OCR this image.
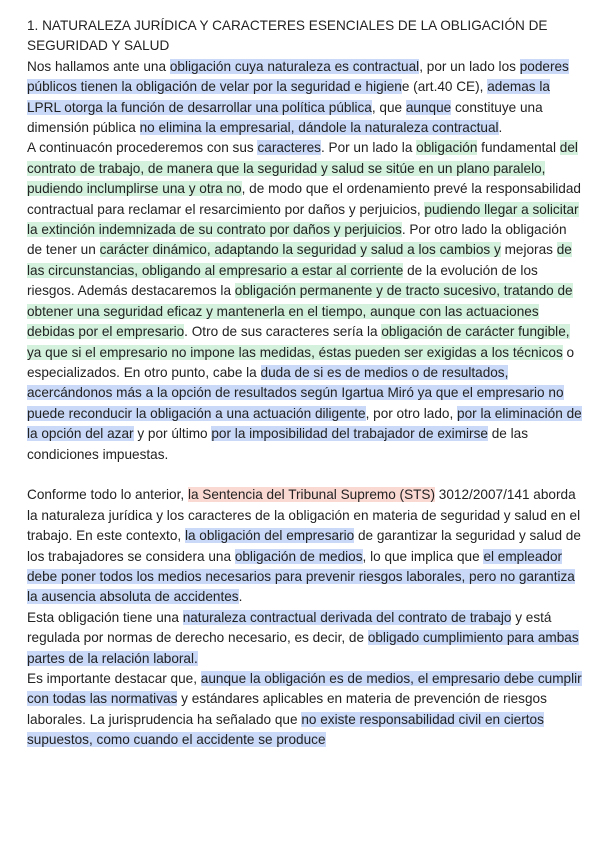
1. NATURALEZA JURÍDICA Y CARACTERES ESENCIALES DE LA OBLIGACIÓN DE SEGURIDAD Y SALUD

Nos hallamos ante una obligación cuya naturaleza es contractual, por un lado los poderes públicos tienen la obligación de velar por la seguridad e higiene (art.40 CE), ademas la LPRL otorga la función de desarrollar una política pública, que aunque constituye una dimensión pública no elimina la empresarial, dándole la naturaleza contractual.

A continuacón procederemos con sus caracteres. Por un lado la obligación fundamental del contrato de trabajo, de manera que la seguridad y salud se sitúe en un plano paralelo, pudiendo inclumplirse una y otra no, de modo que el ordenamiento prevé la responsabilidad contractual para reclamar el resarcimiento por daños y perjuicios, pudiendo llegar a solicitar la extinción indemnizada de su contrato por daños y perjuicios. Por otro lado la obligación de tener un carácter dinámico, adaptando la seguridad y salud a los cambios y mejoras de las circunstancias, obligando al empresario a estar al corriente de la evolución de los riesgos. Además destacaremos la obligación permanente y de tracto sucesivo, tratando de obtener una seguridad eficaz y mantenerla en el tiempo, aunque con las actuaciones debidas por el empresario. Otro de sus caracteres sería la obligación de carácter fungible, ya que si el empresario no impone las medidas, éstas pueden ser exigidas a los técnicos o especializados. En otro punto, cabe la duda de si es de medios o de resultados, acercándonos más a la opción de resultados según Igartua Miró ya que el empresario no puede reconducir la obligación a una actuación diligente, por otro lado, por la eliminación de la opción del azar y por último por la imposibilidad del trabajador de eximirse de las condiciones impuestas.

Conforme todo lo anterior, la Sentencia del Tribunal Supremo (STS) 3012/2007/141 aborda la naturaleza jurídica y los caracteres de la obligación en materia de seguridad y salud en el trabajo. En este contexto, la obligación del empresario de garantizar la seguridad y salud de los trabajadores se considera una obligación de medios, lo que implica que el empleador debe poner todos los medios necesarios para prevenir riesgos laborales, pero no garantiza la ausencia absoluta de accidentes.

Esta obligación tiene una naturaleza contractual derivada del contrato de trabajo y está regulada por normas de derecho necesario, es decir, de obligado cumplimiento para ambas partes de la relación laboral.

Es importante destacar que, aunque la obligación es de medios, el empresario debe cumplir con todas las normativas y estándares aplicables en materia de prevención de riesgos laborales. La jurisprudencia ha señalado que no existe responsabilidad civil en ciertos supuestos, como cuando el accidente se produce
